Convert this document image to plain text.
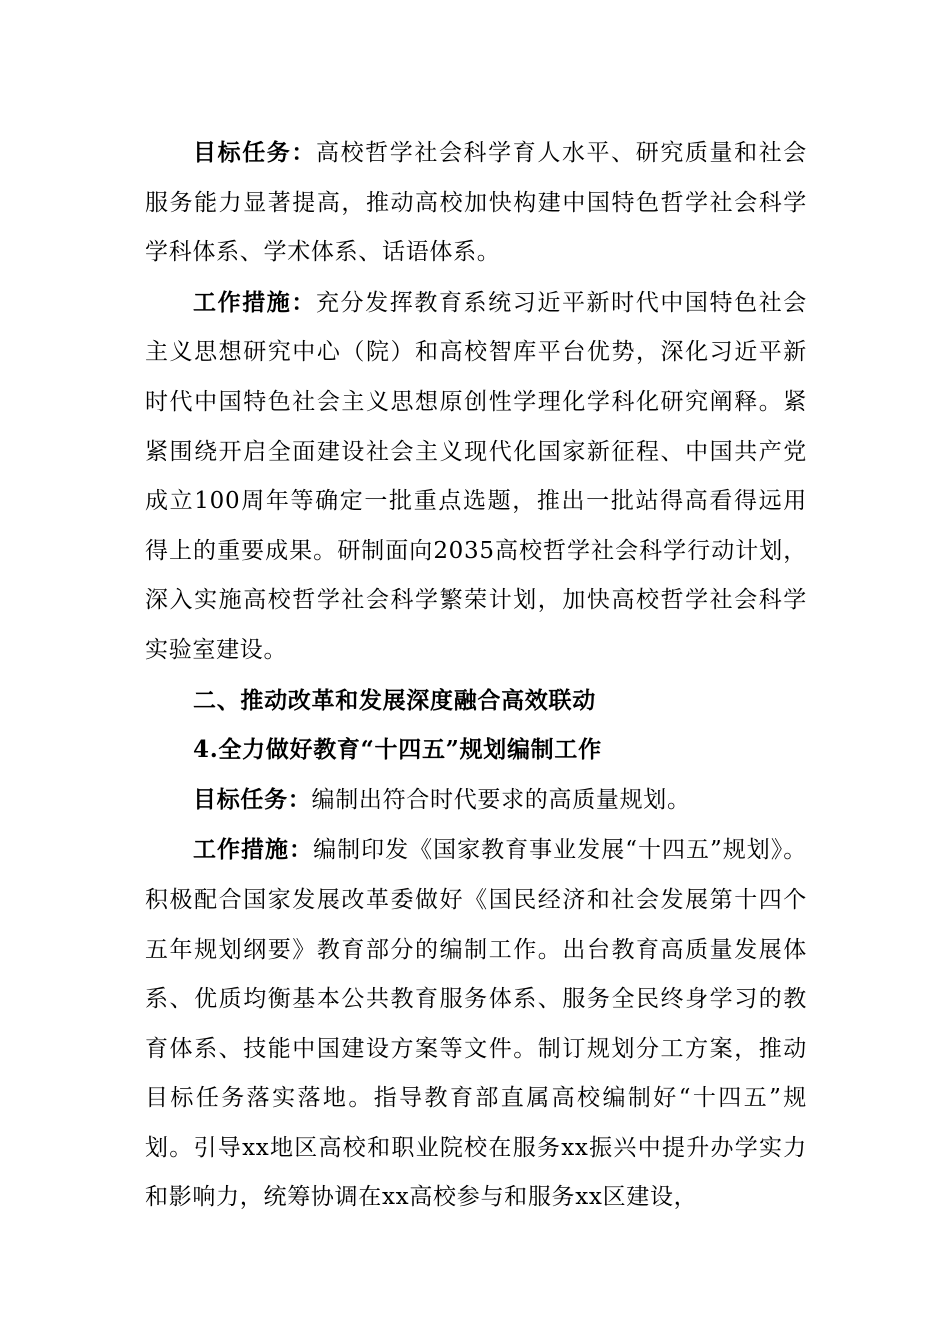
目标任务：高校哲学社会科学育人水平、研究质量和社会服务能力显著提高，推动高校加快构建中国特色哲学社会科学学科体系、学术体系、话语体系。

工作措施：充分发挥教育系统习近平新时代中国特色社会主义思想研究中心（院）和高校智库平台优势，深化习近平新时代中国特色社会主义思想原创性学理化学科化研究阐释。紧紧围绕开启全面建设社会主义现代化国家新征程、中国共产党成立100周年等确定一批重点选题，推出一批站得高看得远用得上的重要成果。研制面向2035高校哲学社会科学行动计划，深入实施高校哲学社会科学繁荣计划，加快高校哲学社会科学实验室建设。

二、推动改革和发展深度融合高效联动

4.全力做好教育“十四五”规划编制工作

目标任务：编制出符合时代要求的高质量规划。

工作措施：编制印发《国家教育事业发展“十四五”规划》。积极配合国家发展改革委做好《国民经济和社会发展第十四个五年规划纲要》教育部分的编制工作。出台教育高质量发展体系、优质均衡基本公共教育服务体系、服务全民终身学习的教育体系、技能中国建设方案等文件。制订规划分工方案，推动目标任务落实落地。指导教育部直属高校编制好“十四五”规划。引导xx地区高校和职业院校在服务xx振兴中提升办学实力和影响力，统筹协调在xx高校参与和服务xx区建设，
